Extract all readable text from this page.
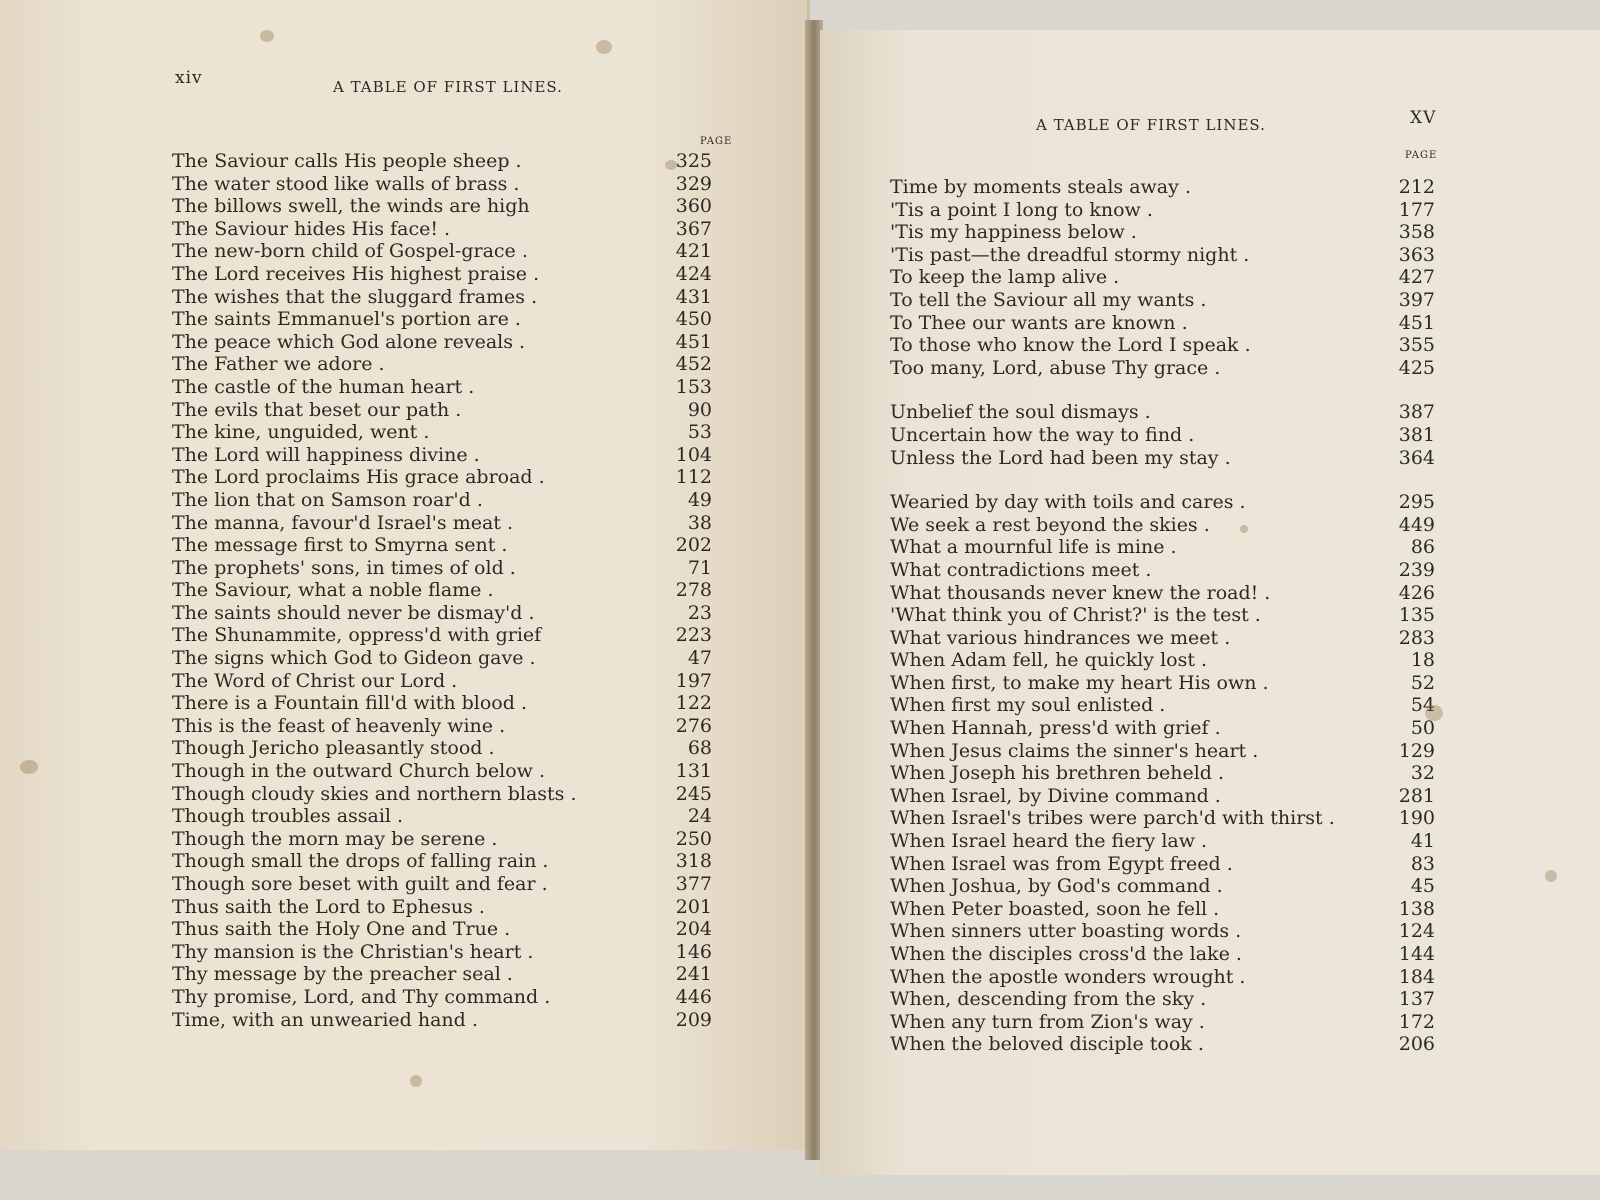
xiv	A TABLE OF FIRST LINES.
PAGE
The Saviour calls His people sheep .	325
The water stood like walls of brass .	329
The billows swell, the winds are high	360
The Saviour hides His face! .	367
The new-born child of Gospel-grace .	421
The Lord receives His highest praise .	424
The wishes that the sluggard frames .	431
The saints Emmanuel's portion are .	450
The peace which God alone reveals .	451
The Father we adore .	452
The castle of the human heart .	153
The evils that beset our path .	90
The kine, unguided, went .	53
The Lord will happiness divine .	104
The Lord proclaims His grace abroad .	112
The lion that on Samson roar'd .	49
The manna, favour'd Israel's meat .	38
The message first to Smyrna sent .	202
The prophets' sons, in times of old .	71
The Saviour, what a noble flame .	278
The saints should never be dismay'd .	23
The Shunammite, oppress'd with grief	223
The signs which God to Gideon gave .	47
The Word of Christ our Lord .	197
There is a Fountain fill'd with blood .	122
This is the feast of heavenly wine .	276
Though Jericho pleasantly stood .	68
Though in the outward Church below .	131
Though cloudy skies and northern blasts .	245
Though troubles assail .	24
Though the morn may be serene .	250
Though small the drops of falling rain .	318
Though sore beset with guilt and fear .	377
Thus saith the Lord to Ephesus .	201
Thus saith the Holy One and True .	204
Thy mansion is the Christian's heart .	146
Thy message by the preacher seal .	241
Thy promise, Lord, and Thy command .	446
Time, with an unwearied hand .	209
A TABLE OF FIRST LINES.	XV
PAGE
Time by moments steals away .	212
'Tis a point I long to know .	177
'Tis my happiness below .	358
'Tis past—the dreadful stormy night .	363
To keep the lamp alive .	427
To tell the Saviour all my wants .	397
To Thee our wants are known .	451
To those who know the Lord I speak .	355
Too many, Lord, abuse Thy grace .	425
Unbelief the soul dismays .	387
Uncertain how the way to find .	381
Unless the Lord had been my stay .	364
Wearied by day with toils and cares .	295
We seek a rest beyond the skies .	449
What a mournful life is mine .	86
What contradictions meet .	239
What thousands never knew the road! .	426
'What think you of Christ?' is the test .	135
What various hindrances we meet .	283
When Adam fell, he quickly lost .	18
When first, to make my heart His own .	52
When first my soul enlisted .	54
When Hannah, press'd with grief .	50
When Jesus claims the sinner's heart .	129
When Joseph his brethren beheld .	32
When Israel, by Divine command .	281
When Israel's tribes were parch'd with thirst .	190
When Israel heard the fiery law .	41
When Israel was from Egypt freed .	83
When Joshua, by God's command .	45
When Peter boasted, soon he fell .	138
When sinners utter boasting words .	124
When the disciples cross'd the lake .	144
When the apostle wonders wrought .	184
When, descending from the sky .	137
When any turn from Zion's way .	172
When the beloved disciple took .	206
